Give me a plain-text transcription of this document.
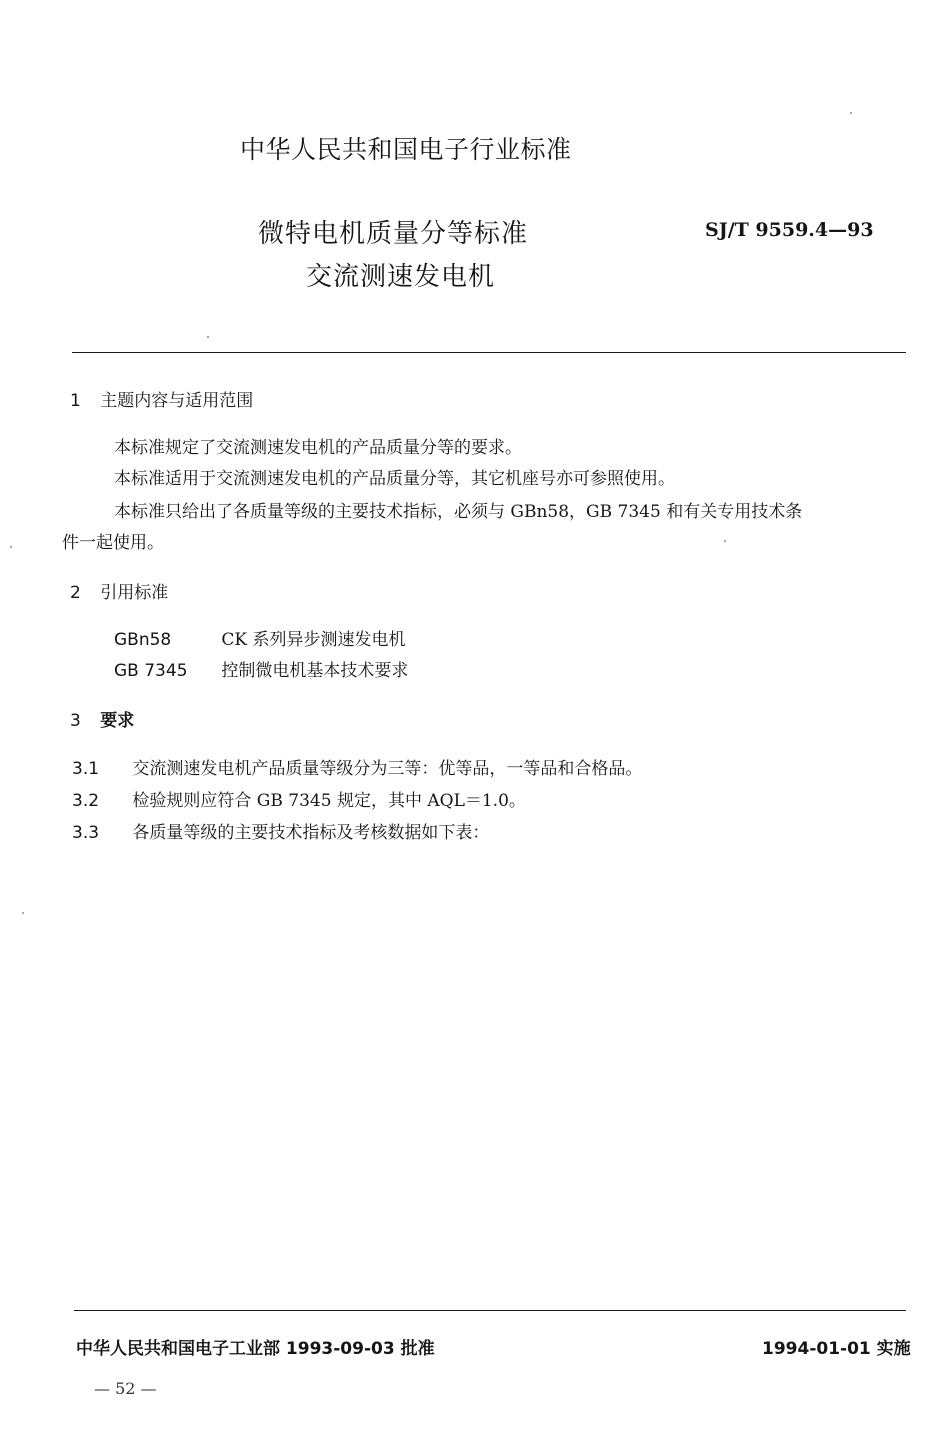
中华人民共和国电子行业标准
微特电机质量分等标准
交流测速发电机
SJ/T 9559.4—93
1 主题内容与适用范围
本标准规定了交流测速发电机的产品质量分等的要求。
本标准适用于交流测速发电机的产品质量分等，其它机座号亦可参照使用。
本标准只给出了各质量等级的主要技术指标，必须与 GBn58，GB 7345 和有关专用技术条
件一起使用。
2 引用标准
GBn58	CK 系列异步测速发电机
GB 7345 控制微电机基本技术要求
3 要求
3.1 交流测速发电机产品质量等级分为三等：优等品，一等品和合格品。
3.2 检验规则应符合 GB 7345 规定，其中 AQL＝1.0。
3.3 各质量等级的主要技术指标及考核数据如下表：
中华人民共和国电子工业部 1993-09-03 批准	1994-01-01 实施
— 52 —
